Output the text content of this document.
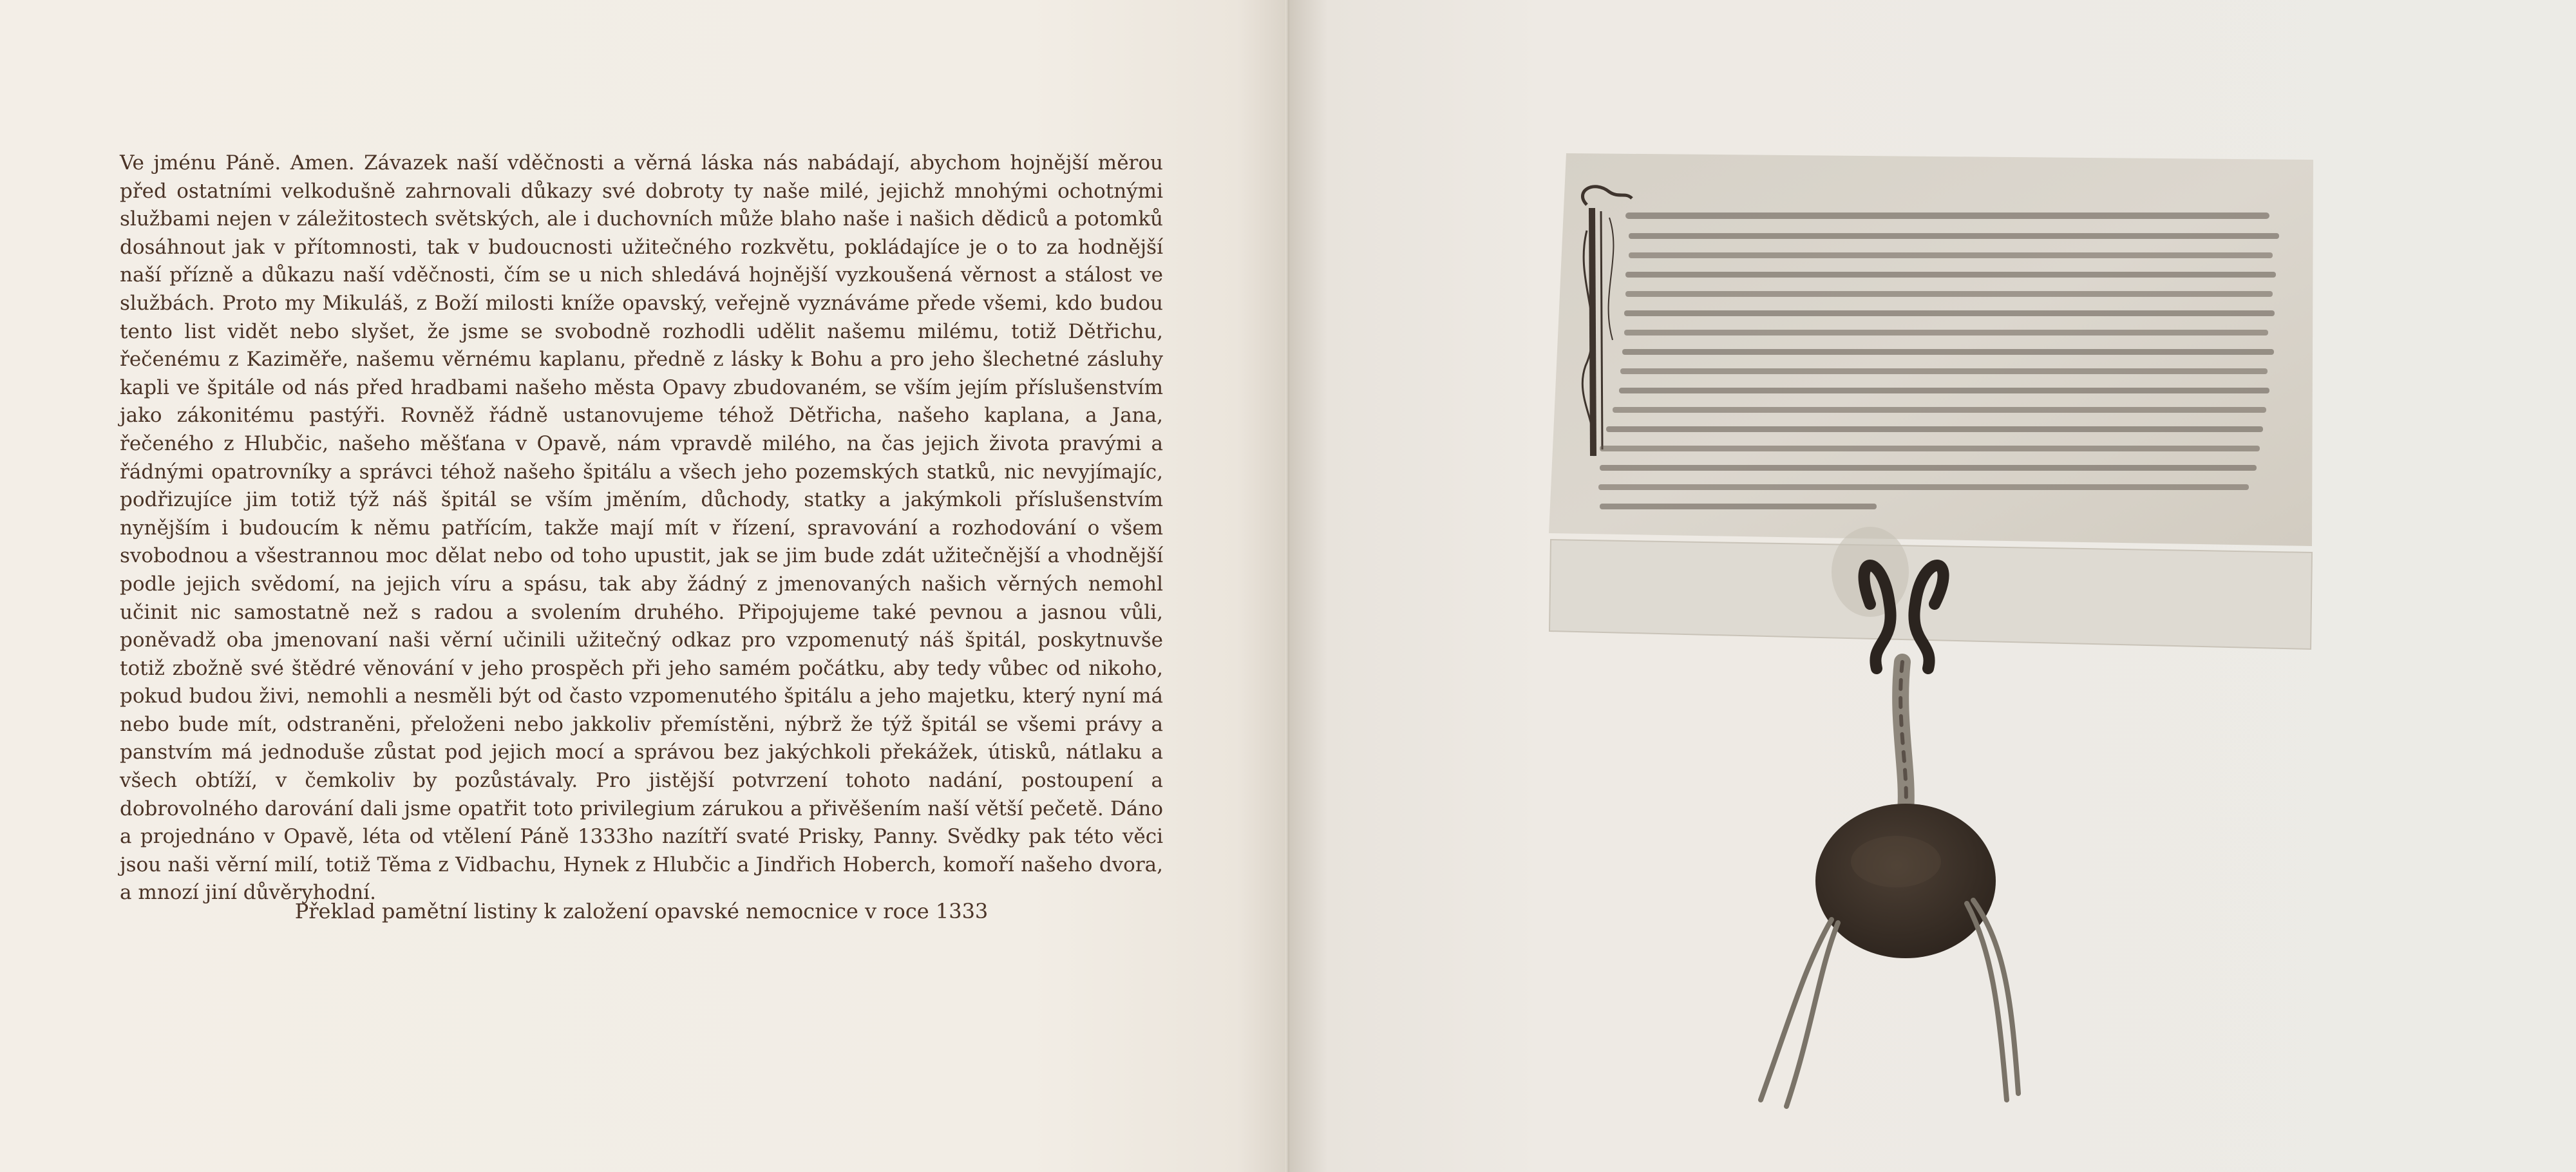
Ve jménu Páně. Amen. Závazek naší vděčnosti a věrná láska nás nabádají, abychom hojnější měrou před ostatními velkodušně zahrnovali důkazy své dobroty ty naše milé, jejichž mnohými ochotnými službami nejen v záležitostech světských, ale i duchovních může blaho naše i našich dědiců a potomků dosáhnout jak v přítomnosti, tak v budoucnosti užitečného rozkvětu, pokládajíce je o to za hodnější naší přízně a důkazu naší vděčnosti, čím se u nich shledává hojnější vyzkoušená věrnost a stálost ve službách. Proto my Mikuláš, z Boží milosti kníže opavský, veřejně vyznáváme přede všemi, kdo budou tento list vidět nebo slyšet, že jsme se svobodně rozhodli udělit našemu milému, totiž Dětřichu, řečenému z Kaziměře, našemu věrnému kaplanu, předně z lásky k Bohu a pro jeho šlechetné zásluhy kapli ve špitále od nás před hradbami našeho města Opavy zbudovaném, se vším jejím příslušenstvím jako zákonitému pastýři. Rovněž řádně ustanovujeme téhož Dětřicha, našeho kaplana, a Jana, řečeného z Hlubčic, našeho měšťana v Opavě, nám vpravdě milého, na čas jejich života pravými a řádnými opatrovníky a správci téhož našeho špitálu a všech jeho pozemských statků, nic nevyjímajíc, podřizujíce jim totiž týž náš špitál se vším jměním, důchody, statky a jakýmkoli příslušenstvím nynějším i budoucím k němu patřícím, takže mají mít v řízení, spravování a rozhodování o všem svobodnou a všestrannou moc dělat nebo od toho upustit, jak se jim bude zdát užitečnější a vhodnější podle jejich svědomí, na jejich víru a spásu, tak aby žádný z jmenovaných našich věrných nemohl učinit nic samostatně než s radou a svolením druhého. Připojujeme také pevnou a jasnou vůli, poněvadž oba jmenovaní naši věrní učinili užitečný odkaz pro vzpomenutý náš špitál, poskytnuvše totiž zbožně své štědré věnování v jeho prospěch při jeho samém počátku, aby tedy vůbec od nikoho, pokud budou živi, nemohli a nesměli být od často vzpomenutého špitálu a jeho majetku, který nyní má nebo bude mít, odstraněni, přeloženi nebo jakkoliv přemístěni, nýbrž že týž špitál se všemi právy a panstvím má jednoduše zůstat pod jejich mocí a správou bez jakýchkoli překážek, útisků, nátlaku a všech obtíží, v čemkoliv by pozůstávaly. Pro jistější potvrzení tohoto nadání, postoupení a dobrovolného darování dali jsme opatřit toto privilegium zárukou a přivěšením naší větší pečetě. Dáno a projednáno v Opavě, léta od vtělení Páně 1333ho nazítří svaté Prisky, Panny. Svědky pak této věci jsou naši věrní milí, totiž Těma z Vidbachu, Hynek z Hlubčic a Jindřich Hoberch, komoří našeho dvora, a mnozí jiní důvěryhodní.

Překlad pamětní listiny k založení opavské nemocnice v roce 1333
